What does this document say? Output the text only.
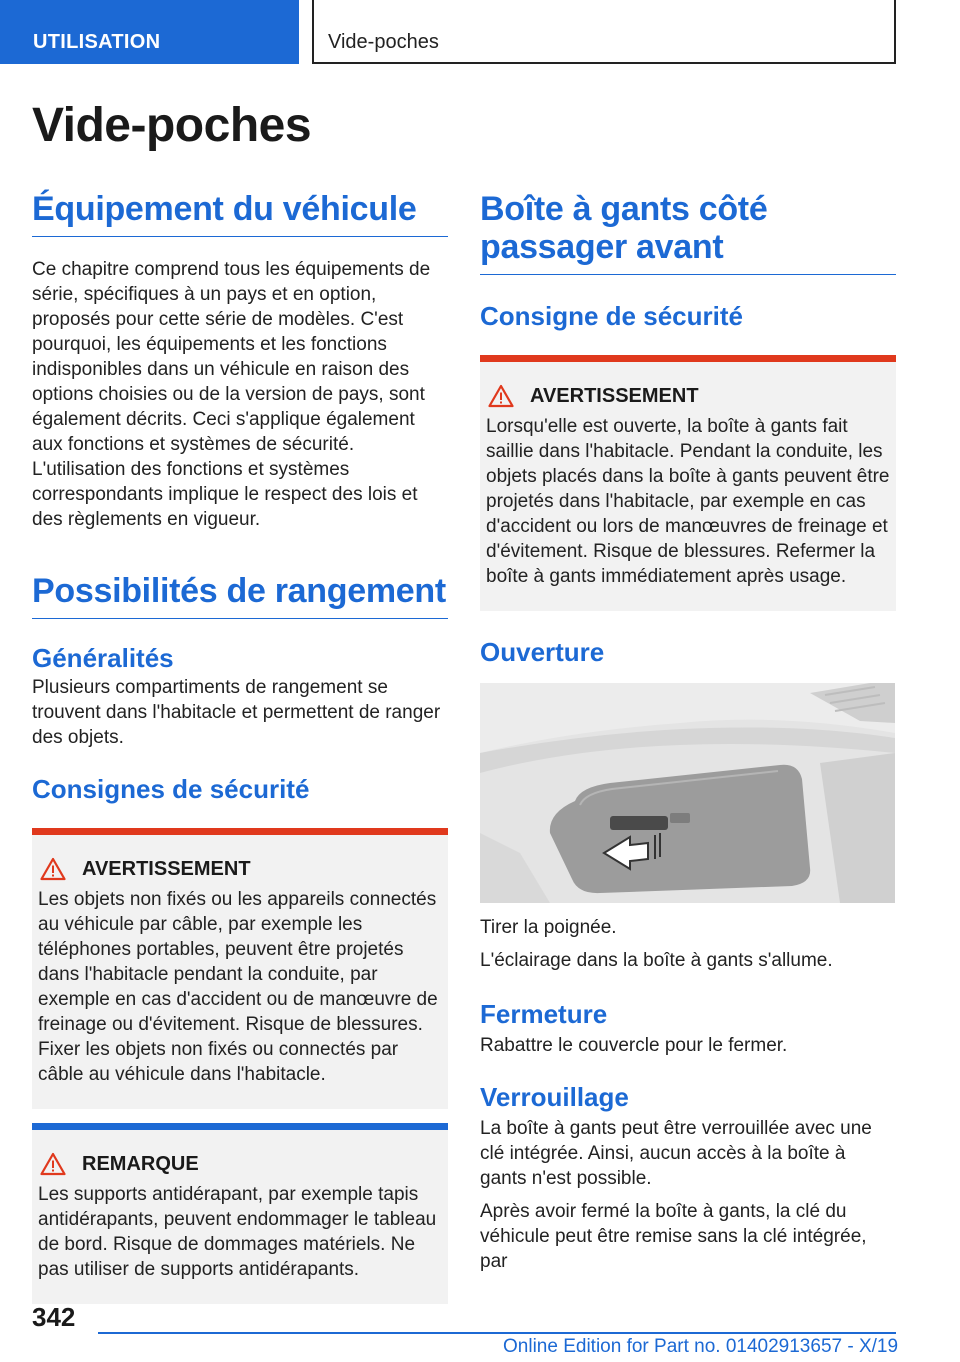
UTILISATION	Vide-poches
Vide-poches
Équipement du véhicule

Ce chapitre comprend tous les équipements de série, spécifiques à un pays et en option, proposés pour cette série de modèles. C'est pourquoi, les équipements et les fonctions indisponibles dans un véhicule en raison des options choisies ou de la version de pays, sont également décrits. Ceci s'applique également aux fonctions et systèmes de sécurité. L'utilisation des fonctions et systèmes correspondants implique le respect des lois et des règlements en vigueur.

Possibilités de rangement
Généralités

Plusieurs compartiments de rangement se trouvent dans l'habitacle et permettent de ranger des objets.

Consignes de sécurité
AVERTISSEMENT
Les objets non fixés ou les appareils connectés au véhicule par câble, par exemple les téléphones portables, peuvent être projetés dans l'habitacle pendant la conduite, par exemple en cas d'accident ou de manœuvre de freinage ou d'évitement. Risque de blessures. Fixer les objets non fixés ou connectés par câble au véhicule dans l'habitacle.
REMARQUE
Les supports antidérapant, par exemple tapis antidérapants, peuvent endommager le tableau de bord. Risque de dommages matériels. Ne pas utiliser de supports antidérapants.
Boîte à gants côté passager avant
Consigne de sécurité
AVERTISSEMENT
Lorsqu'elle est ouverte, la boîte à gants fait saillie dans l'habitacle. Pendant la conduite, les objets placés dans la boîte à gants peuvent être projetés dans l'habitacle, par exemple en cas d'accident ou lors de manœuvres de freinage et d'évitement. Risque de blessures. Refermer la boîte à gants immédiatement après usage.
Ouverture

Tirer la poignée.

L'éclairage dans la boîte à gants s'allume.

Fermeture

Rabattre le couvercle pour le fermer.

Verrouillage

La boîte à gants peut être verrouillée avec une clé intégrée. Ainsi, aucun accès à la boîte à gants n'est possible.

Après avoir fermé la boîte à gants, la clé du véhicule peut être remise sans la clé intégrée, par

342
Online Edition for Part no. 01402913657 - X/19
